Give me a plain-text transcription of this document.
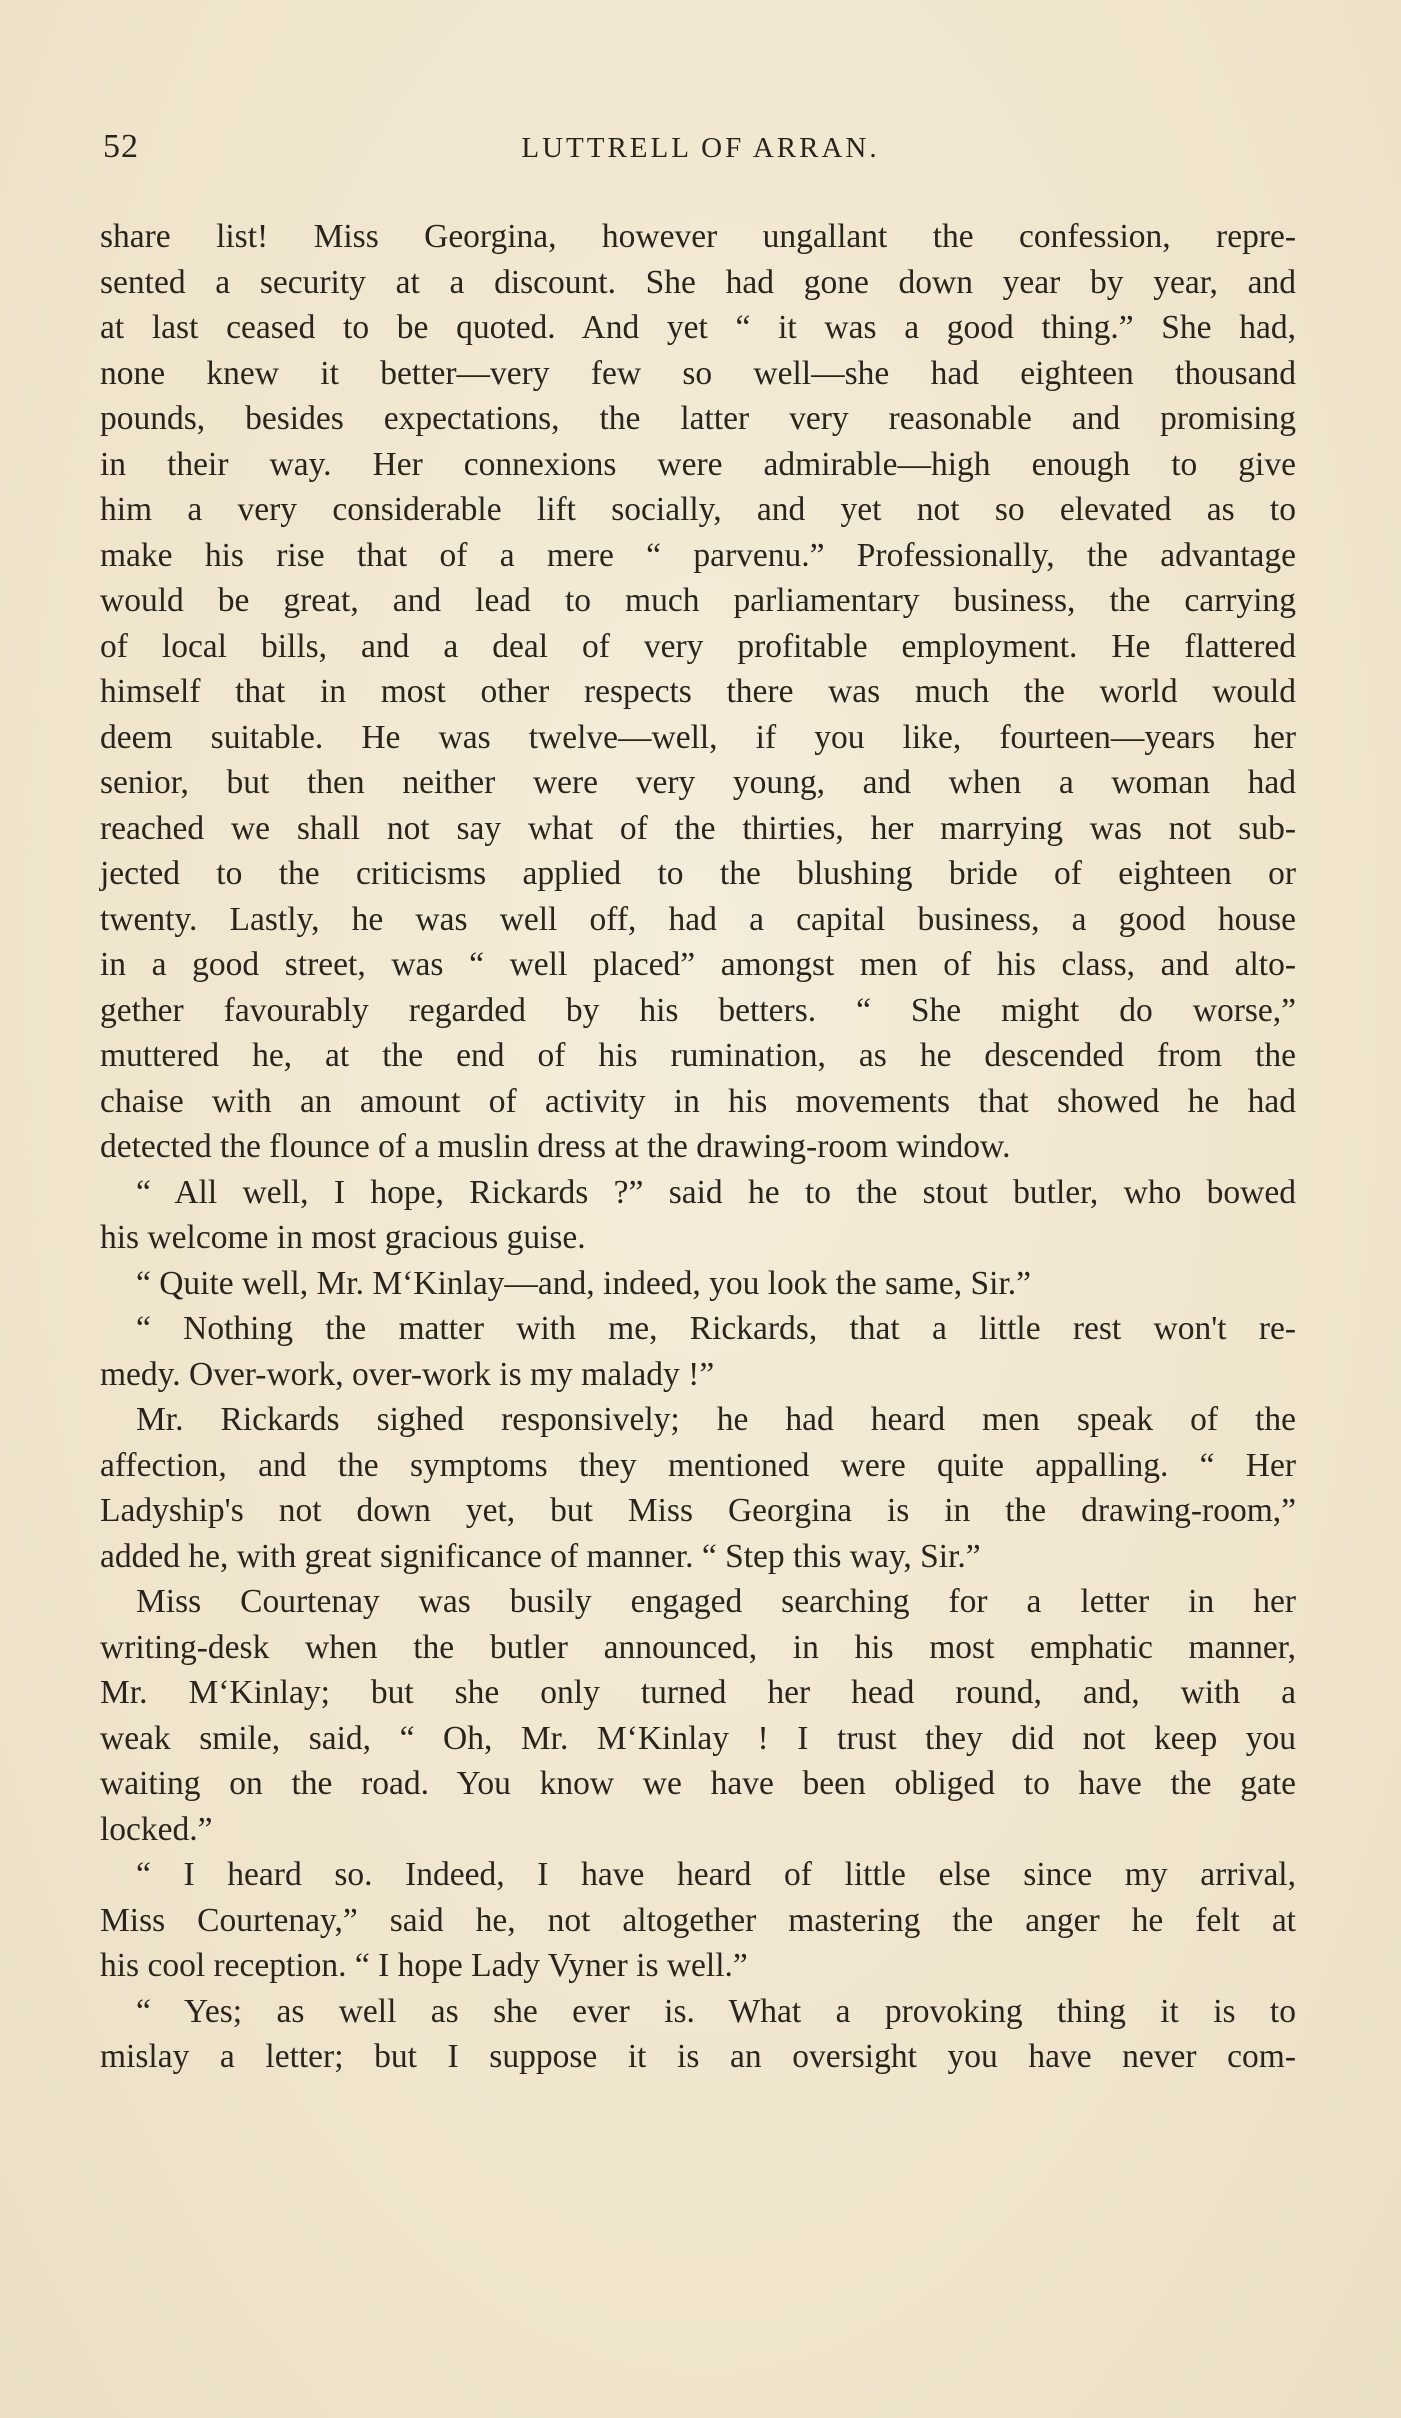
52	LUTTRELL OF ARRAN.
share list! Miss Georgina, however ungallant the confession, repre-
sented a security at a discount. She had gone down year by year, and
at last ceased to be quoted. And yet “ it was a good thing.” She had,
none knew it better—very few so well—she had eighteen thousand
pounds, besides expectations, the latter very reasonable and promising
in their way. Her connexions were admirable—high enough to give
him a very considerable lift socially, and yet not so elevated as to
make his rise that of a mere “ parvenu.” Professionally, the advantage
would be great, and lead to much parliamentary business, the carrying
of local bills, and a deal of very profitable employment. He flattered
himself that in most other respects there was much the world would
deem suitable. He was twelve—well, if you like, fourteen—years her
senior, but then neither were very young, and when a woman had
reached we shall not say what of the thirties, her marrying was not sub-
jected to the criticisms applied to the blushing bride of eighteen or
twenty. Lastly, he was well off, had a capital business, a good house
in a good street, was “ well placed” amongst men of his class, and alto-
gether favourably regarded by his betters. “ She might do worse,”
muttered he, at the end of his rumination, as he descended from the
chaise with an amount of activity in his movements that showed he had
detected the flounce of a muslin dress at the drawing-room window.
“ All well, I hope, Rickards ?” said he to the stout butler, who bowed
his welcome in most gracious guise.
“ Quite well, Mr. M‘Kinlay—and, indeed, you look the same, Sir.”
“ Nothing the matter with me, Rickards, that a little rest won't re-
medy. Over-work, over-work is my malady !”
Mr. Rickards sighed responsively; he had heard men speak of the
affection, and the symptoms they mentioned were quite appalling. “ Her
Ladyship's not down yet, but Miss Georgina is in the drawing-room,”
added he, with great significance of manner. “ Step this way, Sir.”
Miss Courtenay was busily engaged searching for a letter in her
writing-desk when the butler announced, in his most emphatic manner,
Mr. M‘Kinlay; but she only turned her head round, and, with a
weak smile, said, “ Oh, Mr. M‘Kinlay ! I trust they did not keep you
waiting on the road. You know we have been obliged to have the gate
locked.”
“ I heard so. Indeed, I have heard of little else since my arrival,
Miss Courtenay,” said he, not altogether mastering the anger he felt at
his cool reception. “ I hope Lady Vyner is well.”
“ Yes; as well as she ever is. What a provoking thing it is to
mislay a letter; but I suppose it is an oversight you have never com-
